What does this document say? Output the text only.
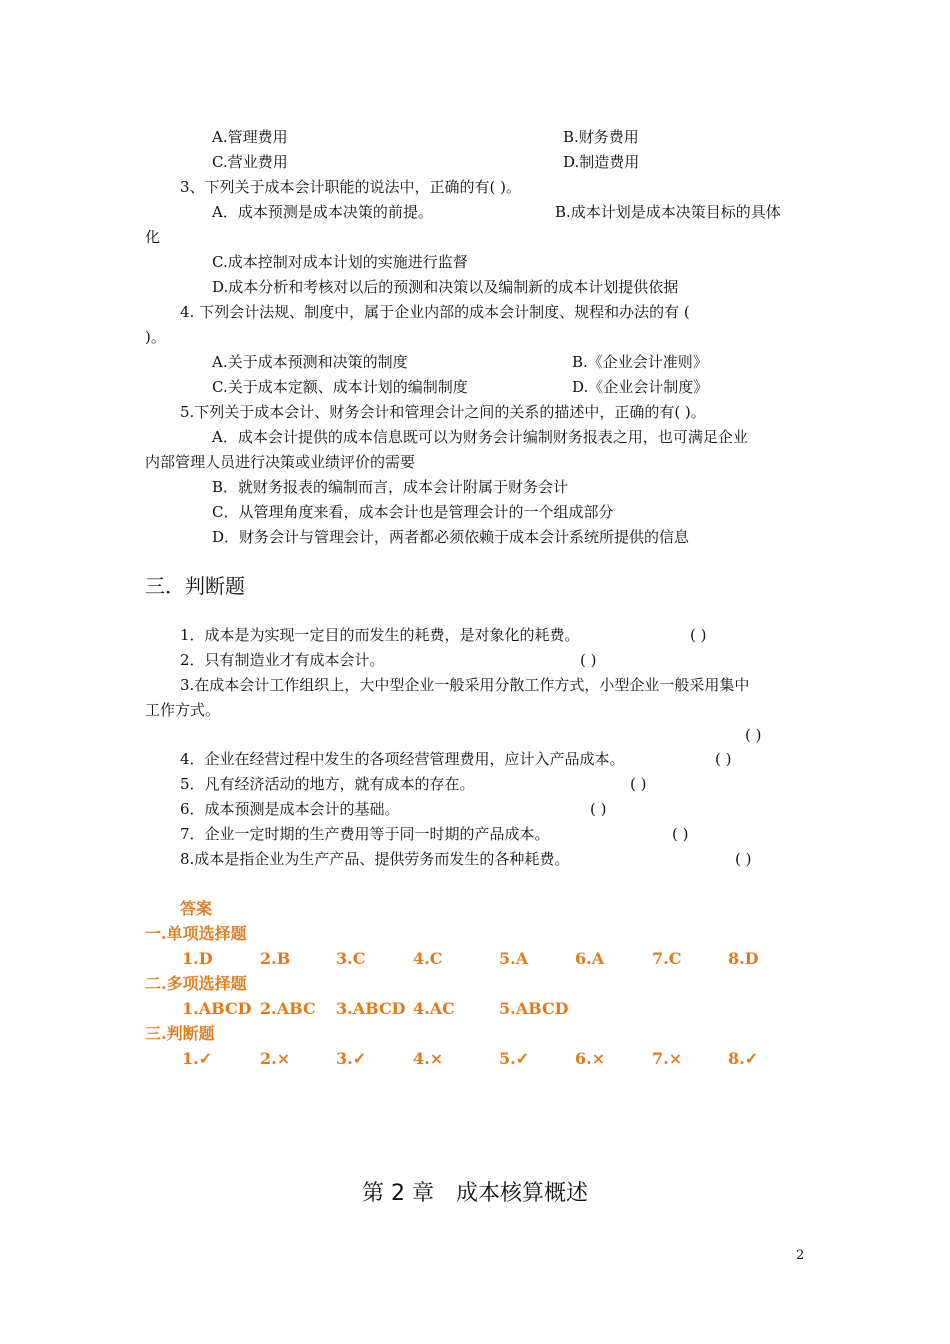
A.管理费用	B.财务费用
C.营业费用	D.制造费用
3、下列关于成本会计职能的说法中，正确的有( )。
A．成本预测是成本决策的前提。	B.成本计划是成本决策目标的具体
化
C.成本控制对成本计划的实施进行监督
D.成本分析和考核对以后的预测和决策以及编制新的成本计划提供依据
4. 下列会计法规、制度中，属于企业内部的成本会计制度、规程和办法的有 (
)。
A.关于成本预测和决策的制度	B.《企业会计准则》
C.关于成本定额、成本计划的编制制度	D.《企业会计制度》
5.下列关于成本会计、财务会计和管理会计之间的关系的描述中，正确的有( )。
A．成本会计提供的成本信息既可以为财务会计编制财务报表之用，也可满足企业
内部管理人员进行决策或业绩评价的需要
B．就财务报表的编制而言，成本会计附属于财务会计
C．从管理角度来看，成本会计也是管理会计的一个组成部分
D．财务会计与管理会计，两者都必须依赖于成本会计系统所提供的信息
三．判断题
1．成本是为实现一定目的而发生的耗费，是对象化的耗费。	( )
2．只有制造业才有成本会计。	( )
3.在成本会计工作组织上，大中型企业一般采用分散工作方式，小型企业一般采用集中
工作方式。
( )
4．企业在经营过程中发生的各项经营管理费用，应计入产品成本。	( )
5．凡有经济活动的地方，就有成本的存在。	( )
6．成本预测是成本会计的基础。	( )
7．企业一定时期的生产费用等于同一时期的产品成本。	( )
8.成本是指企业为生产产品、提供劳务而发生的各种耗费。	( )
答案
一.单项选择题
1.D	2.B	3.C	4.C	5.A	6.A	7.C	8.D
二.多项选择题
1.ABCD 2.ABC 3.ABCD 4.AC	5.ABCD
三.判断题
1.✓	2.×	3.✓	4.×	5.✓	6.×	7.×	8.✓
第 2 章　成本核算概述
2
